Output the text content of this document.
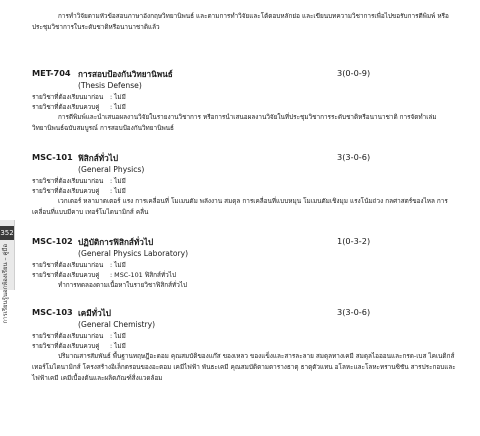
352
การเรียนรู้นอกห้องเรียน – คู่มือ

การทำวิจัยตามหัวข้อสอบภาษาอังกฤษวิทยานิพนธ์ และตามการทำวิจัยและโต้ตอบหลักย่อ และเขียนบทความวิชาการเพื่อไปขอรับการตีพิมพ์ หรือประชุมวิชาการในระดับชาติหรือนานาชาติแล้ว

MET-704 การสอบป้องกันวิทยานิพนธ์	3(0-0-9)
(Thesis Defense)
รายวิชาที่ต้องเรียนมาก่อน : ไม่มี
รายวิชาที่ต้องเรียนควบคู่ : ไม่มี

การตีพิมพ์และนำเสนอผลงานวิจัยในรายงานวิชาการ หรือการนำเสนอผลงานวิจัยในที่ประชุมวิชาการระดับชาติหรือนานาชาติ การจัดทำเล่มวิทยานิพนธ์ฉบับสมบูรณ์ การสอบป้องกันวิทยานิพนธ์

MSC-101 ฟิสิกส์ทั่วไป	3(3-0-6)
(General Physics)
รายวิชาที่ต้องเรียนมาก่อน : ไม่มี
รายวิชาที่ต้องเรียนควบคู่ : ไม่มี

เวกเตอร์ หลามาตเตอร์ แรง การเคลื่อนที่ โมเมนตัม พลังงาน สมดุล การเคลื่อนที่แบบหมุน โมเมนตัมเชิงมุม แรงโน้มถ่วง กลศาสตร์ของไหล การเคลื่อนที่แบบมีคาบ เทอร์โมไดนามิกส์ คลื่น

MSC-102 ปฏิบัติการฟิสิกส์ทั่วไป	1(0-3-2)
(General Physics Laboratory)
รายวิชาที่ต้องเรียนมาก่อน : ไม่มี
รายวิชาที่ต้องเรียนควบคู่ : MSC-101 ฟิสิกส์ทั่วไป

ทำการทดลองตามเนื้อหาในรายวิชาฟิสิกส์ทั่วไป

MSC-103 เคมีทั่วไป	3(3-0-6)
(General Chemistry)
รายวิชาที่ต้องเรียนมาก่อน : ไม่มี
รายวิชาที่ต้องเรียนควบคู่ : ไม่มี

ปริมาณสารสัมพันธ์ พื้นฐานทฤษฎีอะตอม คุณสมบัติของแก๊ส ของเหลว ของแข็งและสารละลาย สมดุลทางเคมี สมดุลไอออนและกรด-เบส ไคเนติกส์ เทอร์โมไดนามิกส์ โครงสร้างอิเล็กตรอนของอะตอม เคมีไฟฟ้า พันธะเคมี คุณสมบัติตามตารางธาตุ ธาตุตัวแทน อโลหะและโลหะทรานซิชัน สารประกอบและไฟฟ้าเคมี เคมีเบื้องต้นและผลิตภัณฑ์สิ่งแวดล้อม
